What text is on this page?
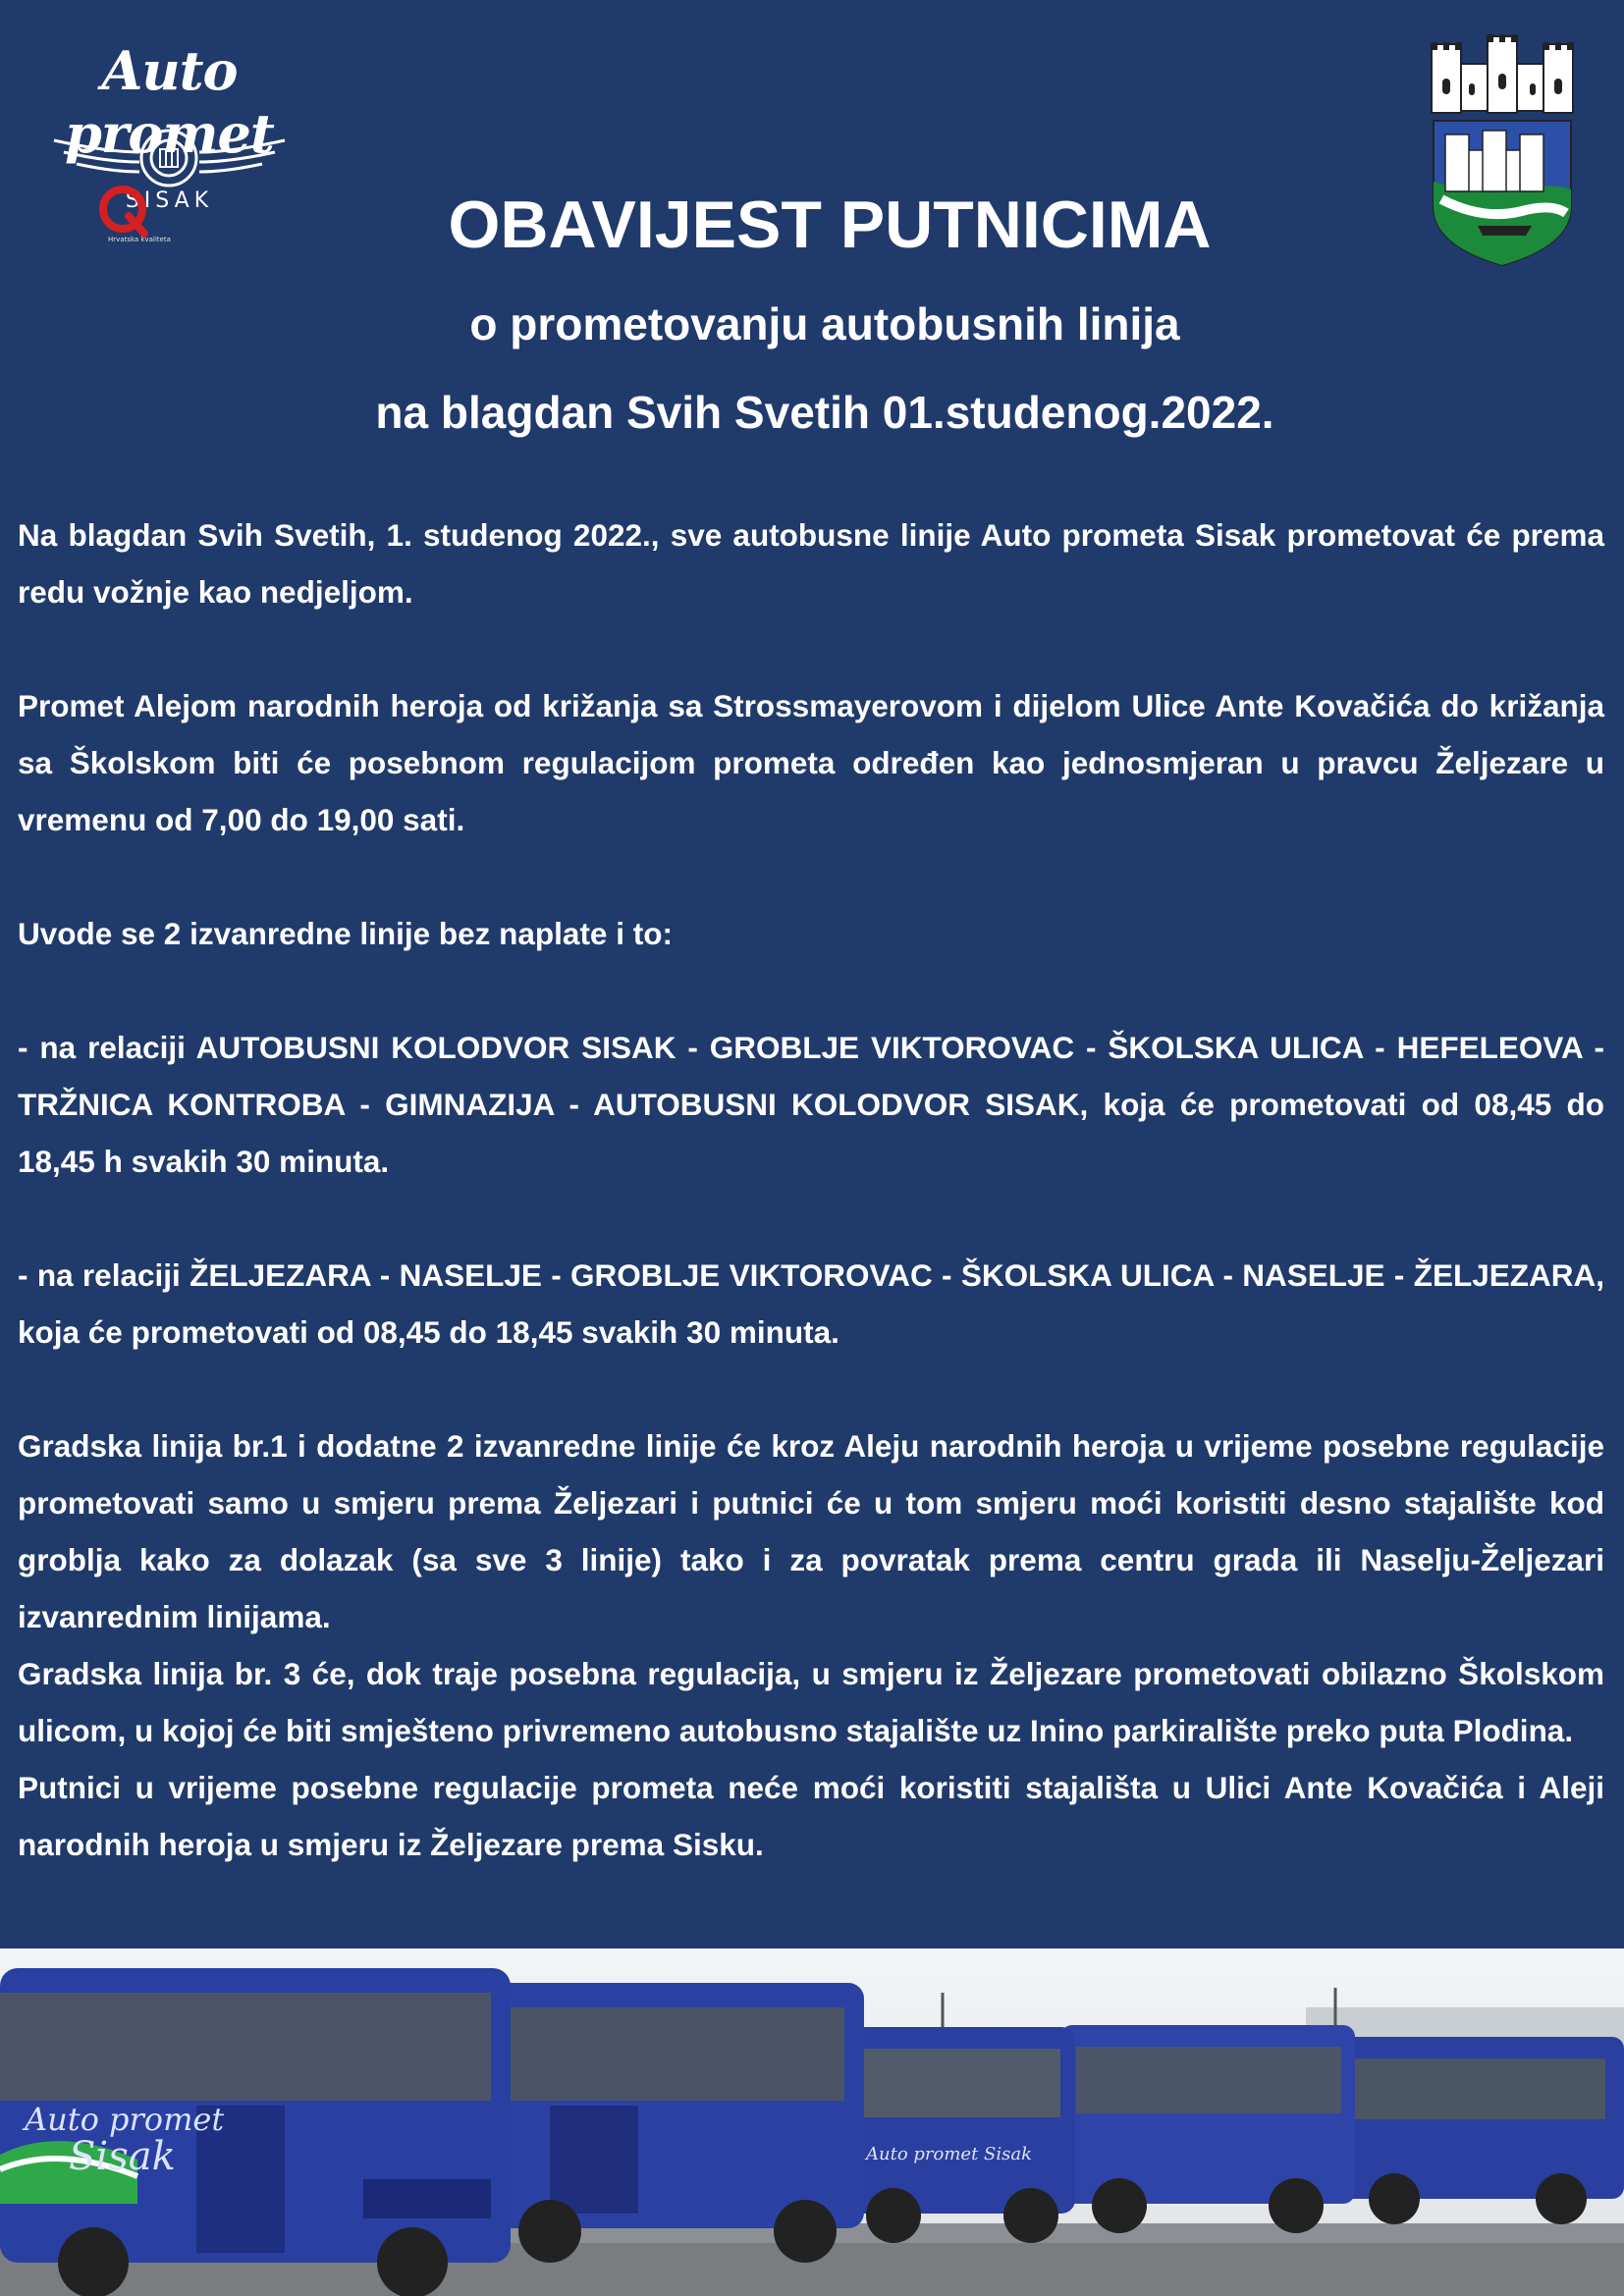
Auto promet
SISAK
Hrvatska kvaliteta	OBAVIJEST PUTNICIMA
o prometovanju autobusnih linija
na blagdan Svih Svetih 01.studenog.2022.

Na blagdan Svih Svetih, 1. studenog 2022., sve autobusne linije Auto prometa Sisak prometovat će prema redu vožnje kao nedjeljom.

Promet Alejom narodnih heroja od križanja sa Strossmayerovom i dijelom Ulice Ante Kovačića do križanja sa Školskom biti će posebnom regulacijom prometa određen kao jednosmjeran u pravcu Željezare u vremenu od 7,00 do 19,00 sati.

Uvode se 2 izvanredne linije bez naplate i to:

- na relaciji AUTOBUSNI KOLODVOR SISAK - GROBLJE VIKTOROVAC - ŠKOLSKA ULICA - HEFELEOVA - TRŽNICA KONTROBA - GIMNAZIJA - AUTOBUSNI KOLODVOR SISAK, koja će prometovati od 08,45 do 18,45 h svakih 30 minuta.

- na relaciji ŽELJEZARA - NASELJE - GROBLJE VIKTOROVAC - ŠKOLSKA ULICA - NASELJE - ŽELJEZARA, koja će prometovati od 08,45 do 18,45 svakih 30 minuta.

Gradska linija br.1 i dodatne 2 izvanredne linije će kroz Aleju narodnih heroja u vrijeme posebne regulacije prometovati samo u smjeru prema Željezari i putnici će u tom smjeru moći koristiti desno stajalište kod groblja kako za dolazak (sa sve 3 linije) tako i za povratak prema centru grada ili Naselju-Željezari izvanrednim linijama.

Gradska linija br. 3 će, dok traje posebna regulacija, u smjeru iz Željezare prometovati obilazno Školskom ulicom, u kojoj će biti smješteno privremeno autobusno stajalište uz Inino parkiralište preko puta Plodina.

Putnici u vrijeme posebne regulacije prometa neće moći koristiti stajališta u Ulici Ante Kovačića i Aleji narodnih heroja u smjeru iz Željezare prema Sisku.

Auto promet Sisak
Auto promet
Sisak
